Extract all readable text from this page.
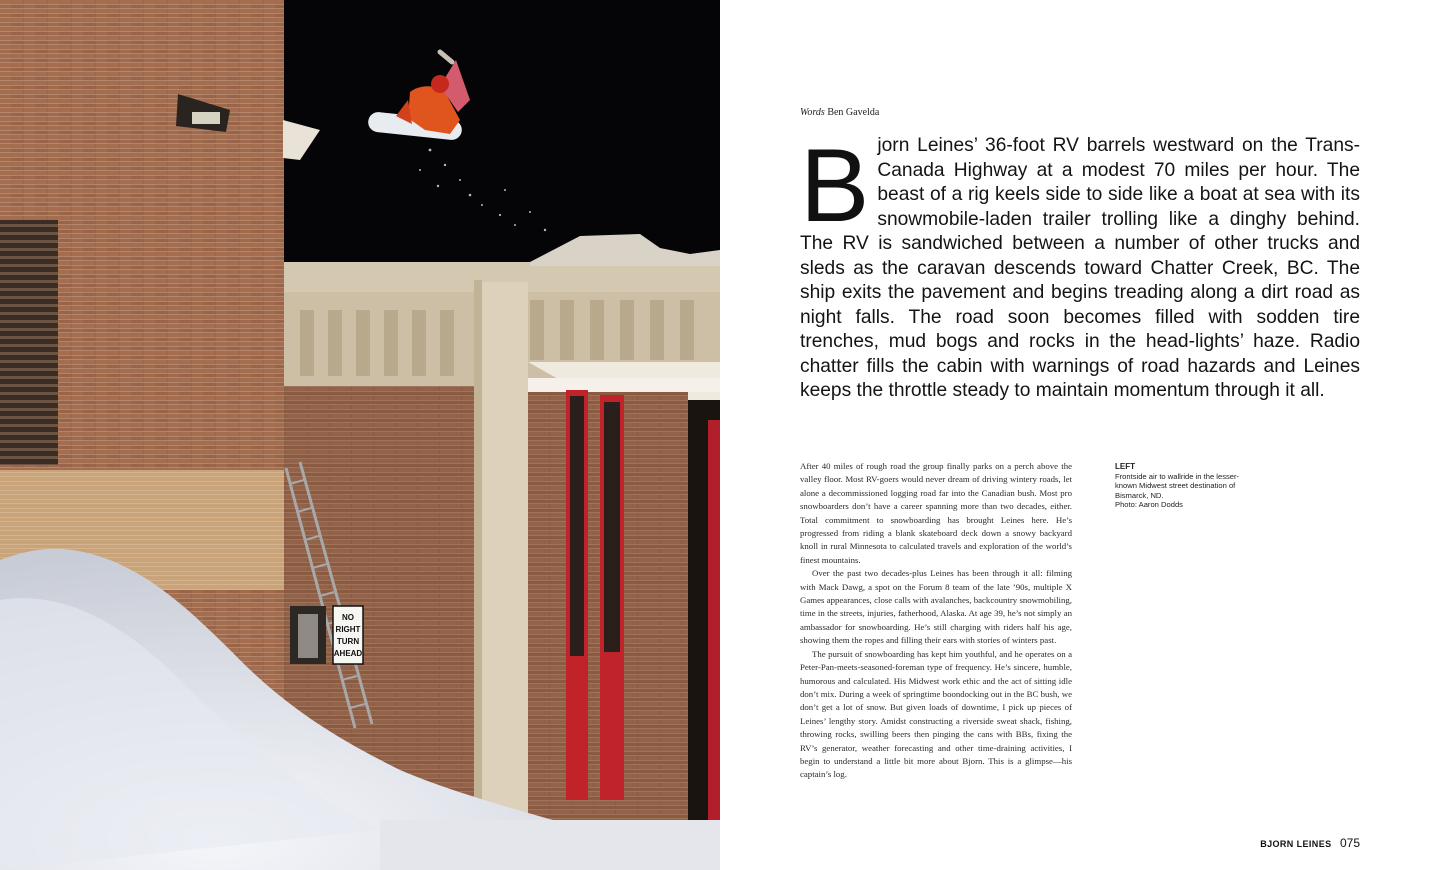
NO
RIGHT
TURN
AHEAD
Words Ben Gavelda

Bjorn Leines’ 36-foot RV barrels westward on the Trans-Canada Highway at a modest 70 miles per hour. The beast of a rig keels side to side like a boat at sea with its snowmobile-laden trailer trolling like a dinghy behind. The RV is sandwiched between a number of other trucks and sleds as the caravan descends toward Chatter Creek, BC. The ship exits the pavement and begins treading along a dirt road as night falls. The road soon becomes filled with sodden tire trenches, mud bogs and rocks in the head-lights’ haze. Radio chatter fills the cabin with warnings of road hazards and Leines keeps the throttle steady to maintain momentum through it all.

After 40 miles of rough road the group finally parks on a perch above the valley floor. Most RV-goers would never dream of driving wintery roads, let alone a decommissioned logging road far into the Canadian bush. Most pro snowboarders don’t have a career spanning more than two decades, either. Total commitment to snowboarding has brought Leines here. He’s progressed from riding a blank skateboard deck down a snowy backyard knoll in rural Minnesota to calculated travels and exploration of the world’s finest mountains.

Over the past two decades-plus Leines has been through it all: filming with Mack Dawg, a spot on the Forum 8 team of the late ’90s, multiple X Games appearances, close calls with avalanches, backcountry snowmobiling, time in the streets, injuries, fatherhood, Alaska. At age 39, he’s not simply an ambassador for snowboarding. He’s still charging with riders half his age, showing them the ropes and filling their ears with stories of winters past.

The pursuit of snowboarding has kept him youthful, and he operates on a Peter-Pan-meets-seasoned-foreman type of frequency. He’s sincere, humble, humorous and calculated. His Midwest work ethic and the act of sitting idle don’t mix. During a week of springtime boondocking out in the BC bush, we don’t get a lot of snow. But given loads of downtime, I pick up pieces of Leines’ lengthy story. Amidst constructing a riverside sweat shack, fishing, throwing rocks, swilling beers then pinging the cans with BBs, fixing the RV’s generator, weather forecasting and other time-draining activities, I begin to understand a little bit more about Bjorn. This is a glimpse—his captain’s log.

LEFT
Frontside air to wallride in the lesser-known Midwest street destination of Bismarck, ND.
Photo: Aaron Dodds
BJORN LEINES 075
